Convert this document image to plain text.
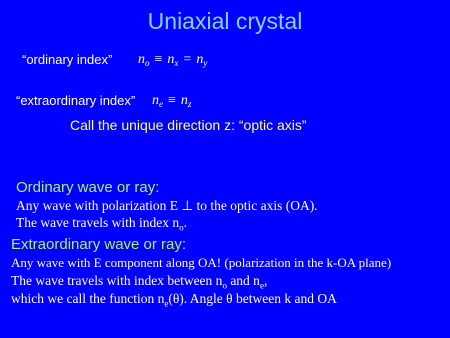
Uniaxial crystal
“ordinary index” $n_o \equiv n_x = n_y$
“extraordinary index” $n_e \equiv n_z$
Call the unique direction z: “optic axis”
Ordinary wave or ray:
Any wave with polarization E ⊥ to the optic axis (OA).
The wave travels with index $n_o$.
Extraordinary wave or ray:
Any wave with E component along OA! (polarization in the k-OA plane)
The wave travels with index between $n_o$ and $n_e$,
which we call the function $n_e(\theta)$. Angle θ between k and OA
